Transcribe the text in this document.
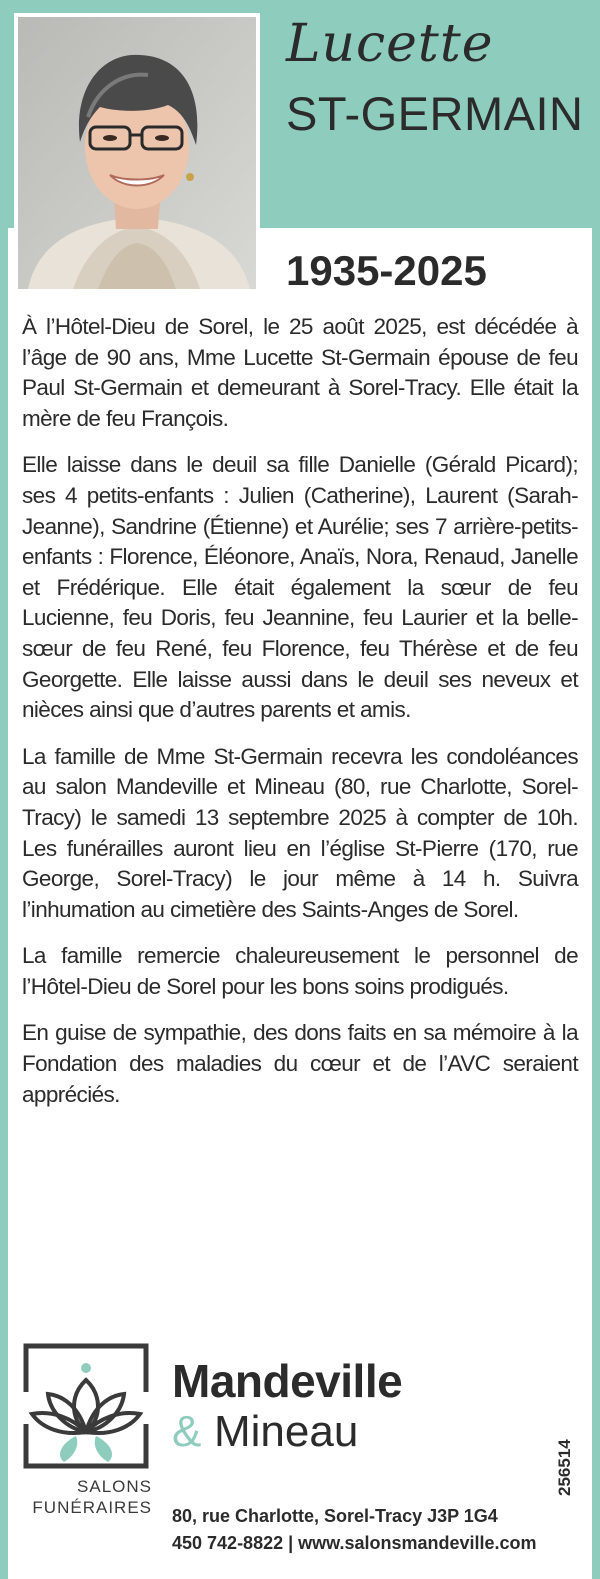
Lucette
ST-GERMAIN
1935-2025

À l’Hôtel-Dieu de Sorel, le 25 août 2025, est décédée à l’âge de 90 ans, Mme Lucette St-Germain épouse de feu Paul St-Germain et demeurant à Sorel-Tracy. Elle était la mère de feu François.

Elle laisse dans le deuil sa fille Danielle (Gérald Picard); ses 4 petits-enfants : Julien (Catherine), Laurent (Sarah-Jeanne), Sandrine (Étienne) et Aurélie; ses 7 arrière-petits-enfants : Florence, Éléonore, Anaïs, Nora, Renaud, Janelle et Frédérique. Elle était également la sœur de feu Lucienne, feu Doris, feu Jeannine, feu Laurier et la belle-sœur de feu René, feu Florence, feu Thérèse et de feu Georgette. Elle laisse aussi dans le deuil ses neveux et nièces ainsi que d’autres parents et amis.

La famille de Mme St-Germain recevra les condoléances au salon Mandeville et Mineau (80, rue Charlotte, Sorel-Tracy) le samedi 13 septembre 2025 à compter de 10h. Les funérailles auront lieu en l’église St-Pierre (170, rue George, Sorel-Tracy) le jour même à 14 h. Suivra l’inhumation au cimetière des Saints-Anges de Sorel.

La famille remercie chaleureusement le personnel de l’Hôtel-Dieu de Sorel pour les bons soins prodigués.

En guise de sympathie, des dons faits en sa mémoire à la Fondation des maladies du cœur et de l’AVC seraient appréciés.

Mandeville
& Mineau
SALONS
FUNÉRAIRES 80, rue Charlotte, Sorel-Tracy J3P 1G4
450 742-8822 | www.salonsmandeville.com
256514
